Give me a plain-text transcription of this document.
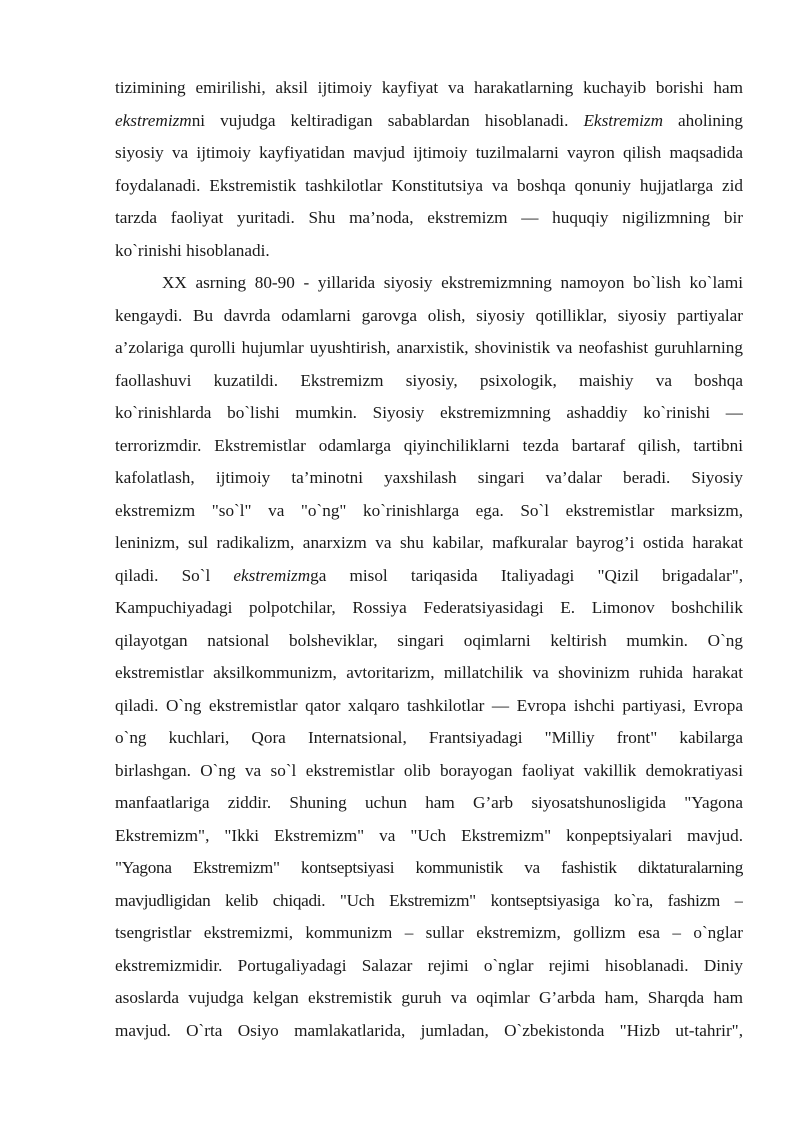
tizimining emirilishi, aksil ijtimoiy kayfiyat va harakatlarning kuchayib borishi ham
ekstremizmni vujudga keltiradigan sabablardan hisoblanadi. Ekstremizm aholining
siyosiy va ijtimoiy kayfiyatidan mavjud ijtimoiy tuzilmalarni vayron qilish maqsadida
foydalanadi. Ekstremistik tashkilotlar Konstitutsiya va boshqa qonuniy hujjatlarga zid
tarzda faoliyat yuritadi. Shu ma’noda, ekstremizm — huquqiy nigilizmning bir
ko`rinishi hisoblanadi.
XX asrning 80-90 - yillarida siyosiy ekstremizmning namoyon bo`lish ko`lami
kengaydi. Bu davrda odamlarni garovga olish, siyosiy qotilliklar, siyosiy partiyalar
a’zolariga qurolli hujumlar uyushtirish, anarxistik, shovinistik va neofashist guruhlarning
faollashuvi kuzatildi. Ekstremizm siyosiy, psixologik, maishiy va boshqa
ko`rinishlarda bo`lishi mumkin. Siyosiy ekstremizmning ashaddiy ko`rinishi —
terrorizmdir. Ekstremistlar odamlarga qiyinchiliklarni tezda bartaraf qilish, tartibni
kafolatlash, ijtimoiy ta’minotni yaxshilash singari va’dalar beradi. Siyosiy
ekstremizm "so`l" va "o`ng" ko`rinishlarga ega. So`l ekstremistlar marksizm,
leninizm, sul radikalizm, anarxizm va shu kabilar, mafkuralar bayrog’i ostida harakat
qiladi. So`l ekstremizmga misol tariqasida Italiyadagi "Qizil brigadalar",
Kampuchiyadagi polpotchilar, Rossiya Federatsiyasidagi E. Limonov boshchilik
qilayotgan natsional bolsheviklar, singari oqimlarni keltirish mumkin. O`ng
ekstremistlar aksilkommunizm, avtoritarizm, millatchilik va shovinizm ruhida harakat
qiladi. O`ng ekstremistlar qator xalqaro tashkilotlar — Evropa ishchi partiyasi, Evropa
o`ng kuchlari, Qora Internatsional, Frantsiyadagi "Milliy front" kabilarga
birlashgan. O`ng va so`l ekstremistlar olib borayogan faoliyat vakillik demokratiyasi
manfaatlariga ziddir. Shuning uchun ham G’arb siyosatshunosligida "Yagona
Ekstremizm", "Ikki Ekstremizm" va "Uch Ekstremizm" konpeptsiyalari mavjud.
"Yagona Ekstremizm" kontseptsiyasi kommunistik va fashistik diktaturalarning
mavjudligidan kelib chiqadi. "Uch Ekstremizm" kontseptsiyasiga ko`ra, fashizm –
tsengristlar ekstremizmi, kommunizm – sullar ekstremizm, gollizm esa – o`nglar
ekstremizmidir. Portugaliyadagi Salazar rejimi o`nglar rejimi hisoblanadi. Diniy
asoslarda vujudga kelgan ekstremistik guruh va oqimlar G’arbda ham, Sharqda ham
mavjud. O`rta Osiyo mamlakatlarida, jumladan, O`zbekistonda "Hizb ut-tahrir",
